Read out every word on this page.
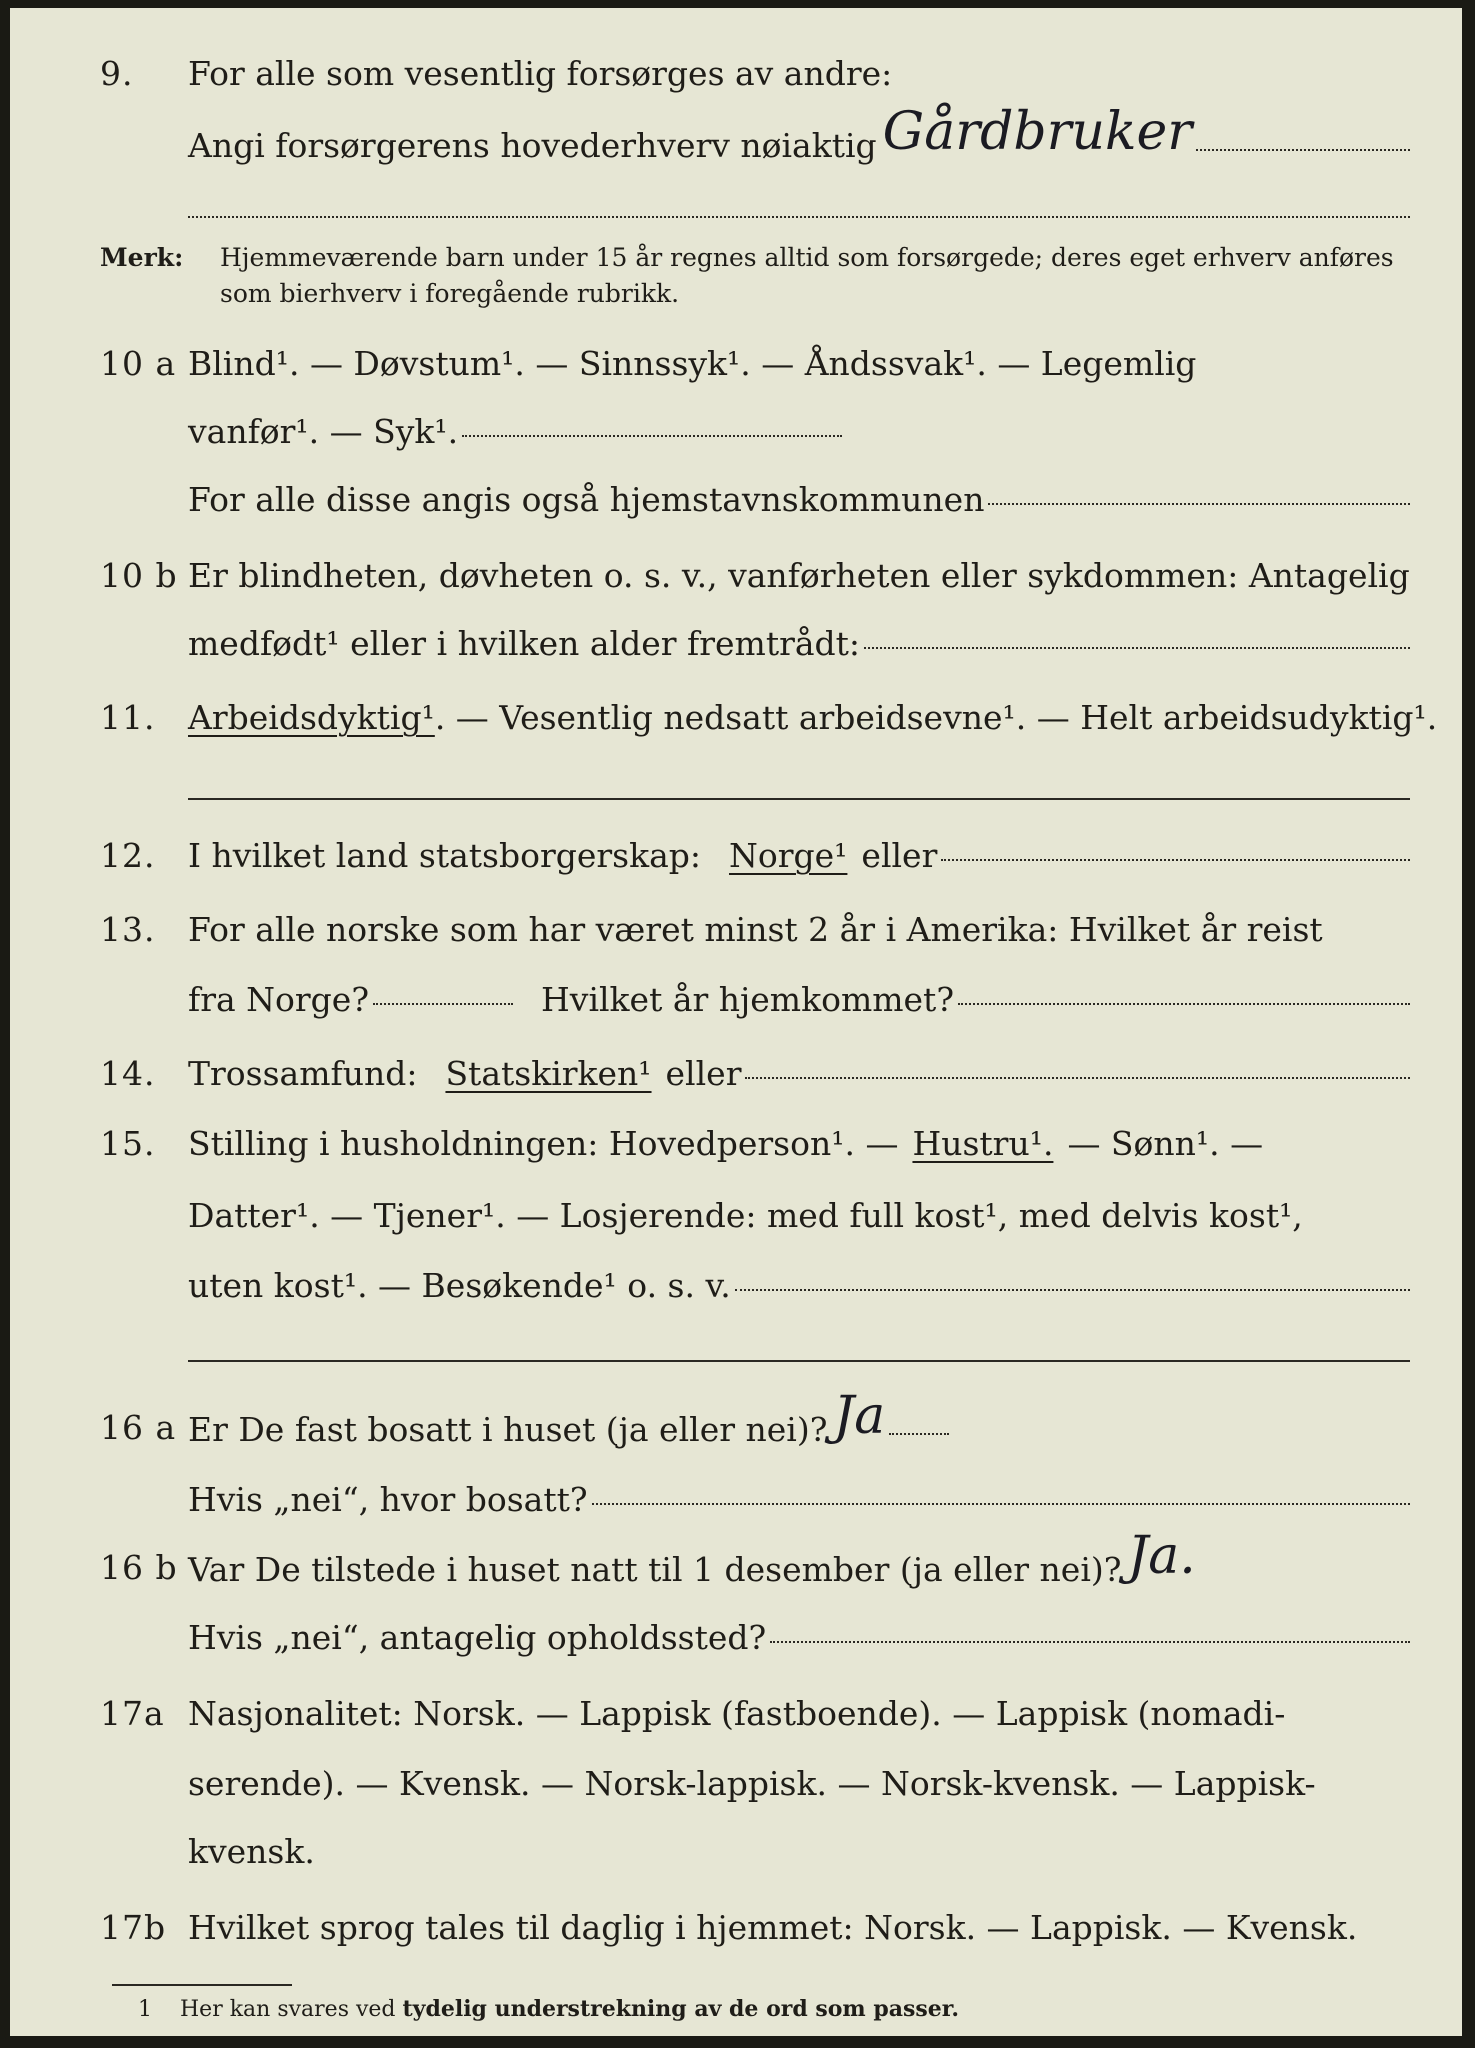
9. For alle som vesentlig forsørges av andre:
Angi forsørgerens hovederhverv nøiaktig Gårdbruker
Merk: Hjemmeværende barn under 15 år regnes alltid som forsørgede; deres eget erhverv anføres som bierhverv i foregående rubrikk.
10 a Blind¹. — Døvstum¹. — Sinnssyk¹. — Åndssvak¹. — Legemlig
vanfør¹. — Syk¹.
For alle disse angis også hjemstavnskommunen
10 b Er blindheten, døvheten o. s. v., vanførheten eller sykdommen: Antagelig
medfødt¹ eller i hvilken alder fremtrådt:
11. Arbeidsdyktig¹ . — Vesentlig nedsatt arbeidsevne¹. — Helt arbeidsudyktig¹.
12. I hvilket land statsborgerskap: Norge¹ eller
13. For alle norske som har været minst 2 år i Amerika: Hvilket år reist
fra Norge?	Hvilket år hjemkommet?
14. Trossamfund: Statskirken¹ eller
15. Stilling i husholdningen: Hovedperson¹. — Hustru¹. — Sønn¹. —
Datter¹. — Tjener¹. — Losjerende: med full kost¹, med delvis kost¹,
uten kost¹. — Besøkende¹ o. s. v.
16 a Er De fast bosatt i huset (ja eller nei)? Ja
Hvis „nei“, hvor bosatt?
16 b Var De tilstede i huset natt til 1 desember (ja eller nei)? Ja.
Hvis „nei“, antagelig opholdssted?
17a Nasjonalitet: Norsk. — Lappisk (fastboende). — Lappisk (nomadi-
serende). — Kvensk. — Norsk-lappisk. — Norsk-kvensk. — Lappisk-
kvensk.
17b Hvilket sprog tales til daglig i hjemmet: Norsk. — Lappisk. — Kvensk.
1 Her kan svares ved tydelig understrekning av de ord som passer.
